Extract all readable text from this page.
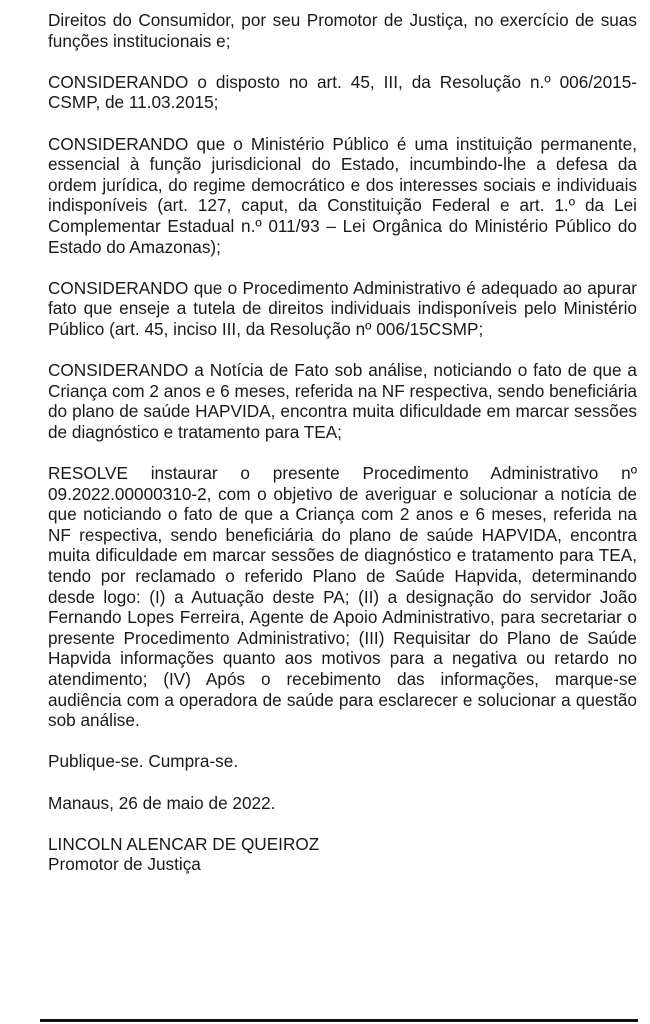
Direitos do Consumidor, por seu Promotor de Justiça, no exercício de suas funções institucionais e;

CONSIDERANDO o disposto no art. 45, III, da Resolução n.º 006/2015-CSMP, de 11.03.2015;

CONSIDERANDO que o Ministério Público é uma instituição permanente, essencial à função jurisdicional do Estado, incumbindo-lhe a defesa da ordem jurídica, do regime democrático e dos interesses sociais e individuais indisponíveis (art. 127, caput, da Constituição Federal e art. 1.º da Lei Complementar Estadual n.º 011/93 – Lei Orgânica do Ministério Público do Estado do Amazonas);

CONSIDERANDO que o Procedimento Administrativo é adequado ao apurar fato que enseje a tutela de direitos individuais indisponíveis pelo Ministério Público (art. 45, inciso III, da Resolução nº 006/15CSMP;

CONSIDERANDO a Notícia de Fato sob análise, noticiando o fato de que a Criança com 2 anos e 6 meses, referida na NF respectiva, sendo beneficiária do plano de saúde HAPVIDA, encontra muita dificuldade em marcar sessões de diagnóstico e tratamento para TEA;

RESOLVE instaurar o presente Procedimento Administrativo nº 09.2022.00000310-2, com o objetivo de averiguar e solucionar a notícia de que noticiando o fato de que a Criança com 2 anos e 6 meses, referida na NF respectiva, sendo beneficiária do plano de saúde HAPVIDA, encontra muita dificuldade em marcar sessões de diagnóstico e tratamento para TEA, tendo por reclamado o referido Plano de Saúde Hapvida, determinando desde logo: (I) a Autuação deste PA; (II) a designação do servidor João Fernando Lopes Ferreira, Agente de Apoio Administrativo, para secretariar o presente Procedimento Administrativo; (III) Requisitar do Plano de Saúde Hapvida informações quanto aos motivos para a negativa ou retardo no atendimento; (IV) Após o recebimento das informações, marque-se audiência com a operadora de saúde para esclarecer e solucionar a questão sob análise.

Publique-se. Cumpra-se.

Manaus, 26 de maio de 2022.

LINCOLN ALENCAR DE QUEIROZ
Promotor de Justiça
